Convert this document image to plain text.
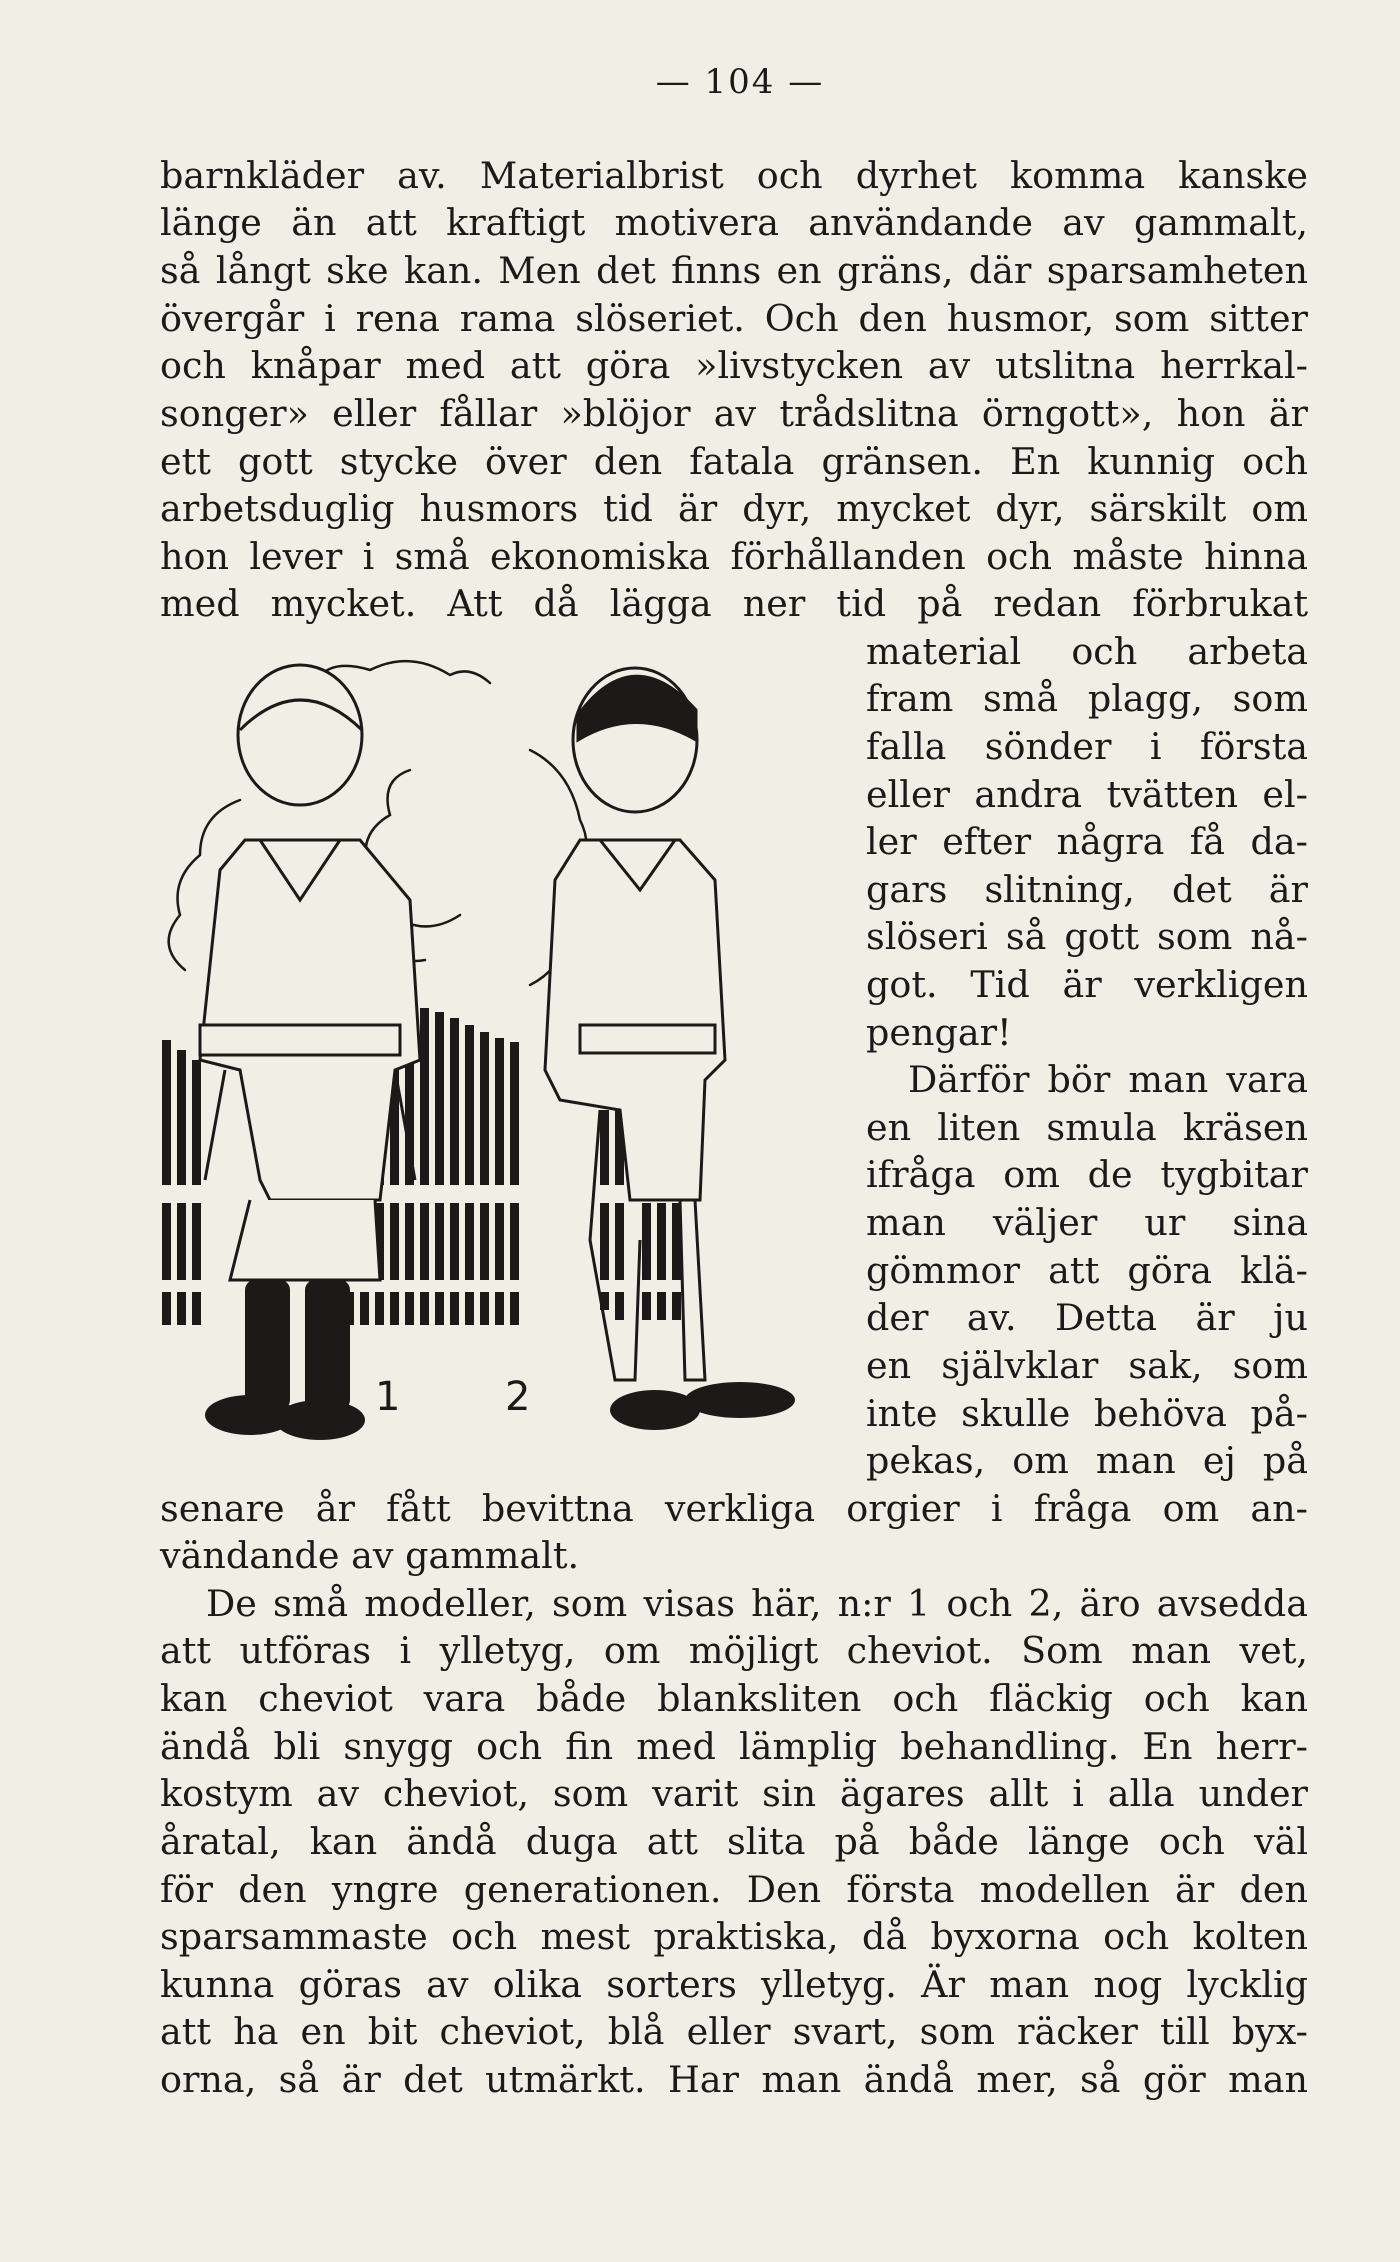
— 104 —
barnkläder av. Materialbrist och dyrhet komma kanske
länge än att kraftigt motivera användande av gammalt,
så långt ske kan. Men det finns en gräns, där sparsamheten
övergår i rena rama slöseriet. Och den husmor, som sitter
och knåpar med att göra »livstycken av utslitna herrkal-
songer» eller fållar »blöjor av trådslitna örngott», hon är
ett gott stycke över den fatala gränsen. En kunnig och
arbetsduglig husmors tid är dyr, mycket dyr, särskilt om
hon lever i små ekonomiska förhållanden och måste hinna
med mycket. Att då lägga ner tid på redan förbrukat
material och arbeta
fram små plagg, som
falla sönder i första
eller andra tvätten el-
ler efter några få da-
gars slitning, det är
slöseri så gott som nå-
got. Tid är verkligen
pengar!
Därför bör man vara
en liten smula kräsen
ifråga om de tygbitar
man väljer ur sina
gömmor att göra klä-
der av. Detta är ju
en självklar sak, som
inte skulle behöva på-
pekas, om man ej på
senare år fått bevittna verkliga orgier i fråga om an-
vändande av gammalt.
De små modeller, som visas här, n:r 1 och 2, äro avsedda
att utföras i ylletyg, om möjligt cheviot. Som man vet,
kan cheviot vara både blanksliten och fläckig och kan
ändå bli snygg och fin med lämplig behandling. En herr-
kostym av cheviot, som varit sin ägares allt i alla under
åratal, kan ändå duga att slita på både länge och väl
för den yngre generationen. Den första modellen är den
sparsammaste och mest praktiska, då byxorna och kolten
kunna göras av olika sorters ylletyg. Är man nog lycklig
att ha en bit cheviot, blå eller svart, som räcker till byx-
orna, så är det utmärkt. Har man ändå mer, så gör man
1	2
